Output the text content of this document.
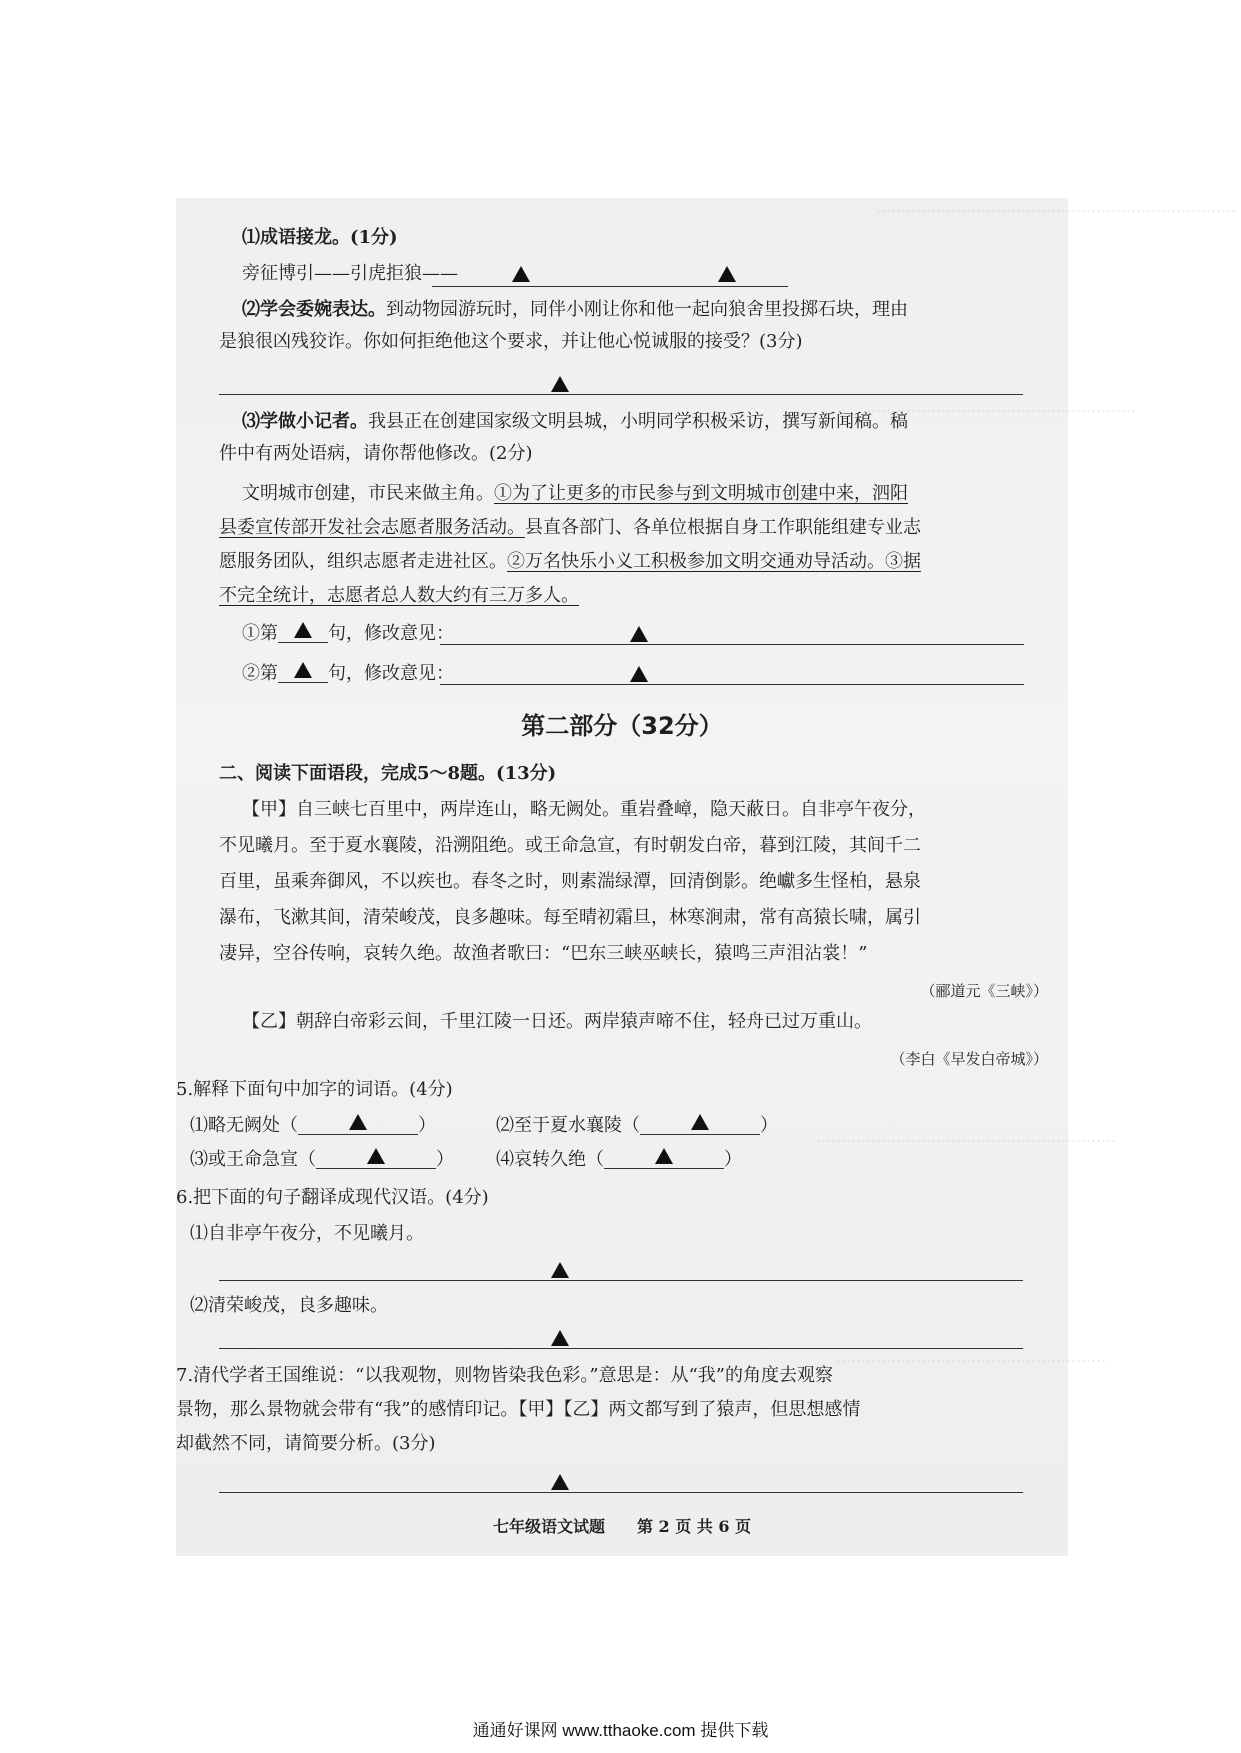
………………………………………………………………
………………………………………………
……………………………………………………
………………………………………………
⑴成语接龙。(1分)
旁征博引——引虎拒狼——
⑵学会委婉表达。到动物园游玩时，同伴小刚让你和他一起向狼舍里投掷石块，理由
是狼很凶残狡诈。你如何拒绝他这个要求，并让他心悦诚服的接受？(3分)
⑶学做小记者。我县正在创建国家级文明县城，小明同学积极采访，撰写新闻稿。稿
件中有两处语病，请你帮他修改。(2分)
文明城市创建，市民来做主角。①为了让更多的市民参与到文明城市创建中来，泗阳
县委宣传部开发社会志愿者服务活动。县直各部门、各单位根据自身工作职能组建专业志
愿服务团队，组织志愿者走进社区。②万名快乐小义工积极参加文明交通劝导活动。③据
不完全统计，志愿者总人数大约有三万多人。
①第	句，修改意见：
②第	句，修改意见：
第二部分（32分）
二、阅读下面语段，完成5～8题。(13分)
【甲】自三峡七百里中，两岸连山，略无阙处。重岩叠嶂，隐天蔽日。自非亭午夜分，
不见曦月。至于夏水襄陵，沿溯阻绝。或王命急宣，有时朝发白帝，暮到江陵，其间千二
百里，虽乘奔御风，不以疾也。春冬之时，则素湍绿潭，回清倒影。绝巘多生怪柏，悬泉
瀑布，飞漱其间，清荣峻茂，良多趣味。每至晴初霜旦，林寒涧肃，常有高猿长啸，属引
凄异，空谷传响，哀转久绝。故渔者歌曰：“巴东三峡巫峡长，猿鸣三声泪沾裳！”
（郦道元《三峡》）
【乙】朝辞白帝彩云间，千里江陵一日还。两岸猿声啼不住，轻舟已过万重山。
（李白《早发白帝城》）
5.解释下面句中加字的词语。(4分)
⑴略无阙处（	）	⑵至于夏水襄陵（	）
⑶或王命急宣（	） ⑷哀转久绝（	）
6.把下面的句子翻译成现代汉语。(4分)
⑴自非亭午夜分，不见曦月。
⑵清荣峻茂，良多趣味。
7.清代学者王国维说：“以我观物，则物皆染我色彩。”意思是：从“我”的角度去观察
景物，那么景物就会带有“我”的感情印记。【甲】【乙】两文都写到了猿声，但思想感情
却截然不同，请简要分析。(3分)
七年级语文试题　　第 2 页 共 6 页
通通好课网 www.tthaoke.com 提供下载
